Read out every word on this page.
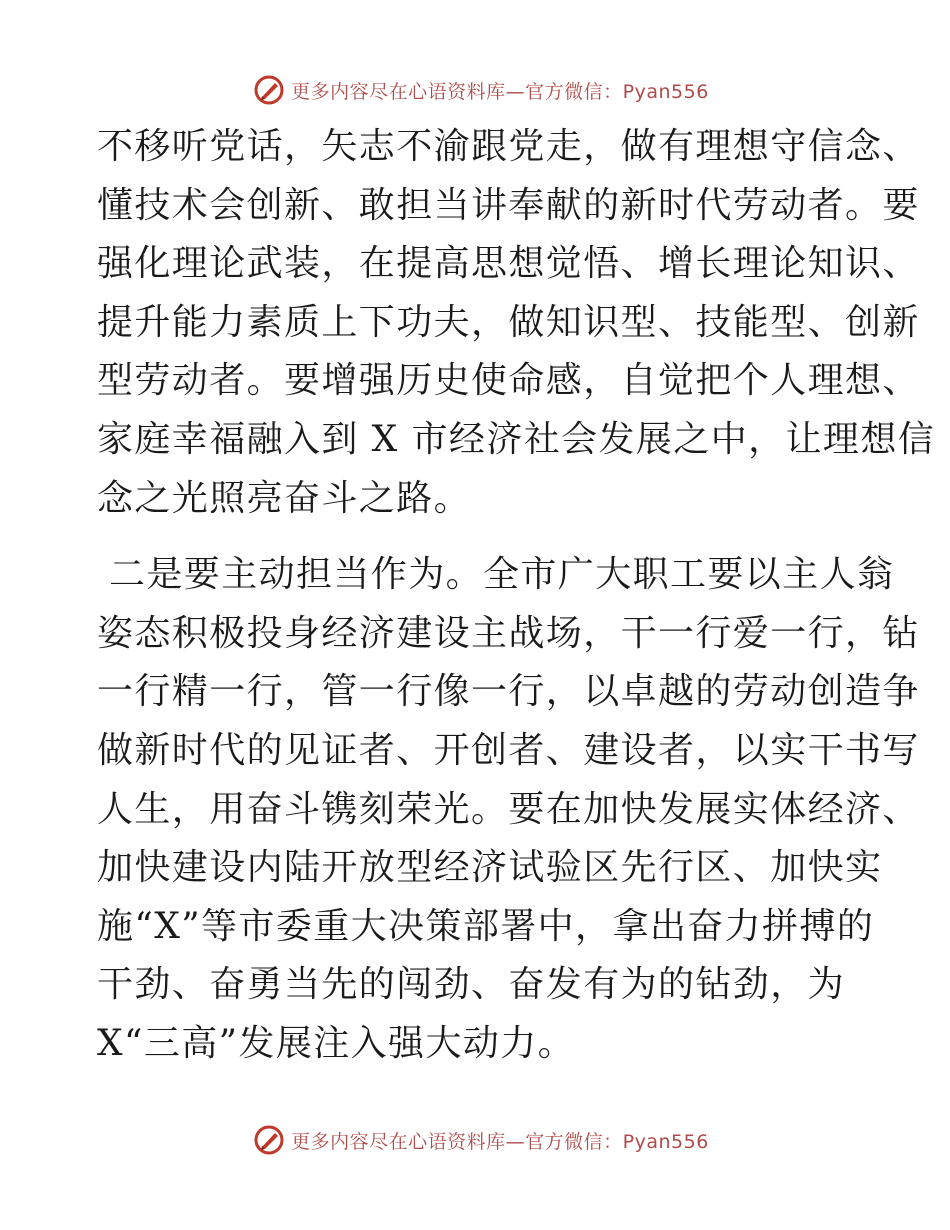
更多内容尽在心语资料库—官方微信：Pyan556
不移听党话，矢志不渝跟党走，做有理想守信念、
懂技术会创新、敢担当讲奉献的新时代劳动者。要
强化理论武装，在提高思想觉悟、增长理论知识、
提升能力素质上下功夫，做知识型、技能型、创新
型劳动者。要增强历史使命感，自觉把个人理想、
家庭幸福融入到 X 市经济社会发展之中，让理想信
念之光照亮奋斗之路。
二是要主动担当作为。全市广大职工要以主人翁
姿态积极投身经济建设主战场，干一行爱一行，钻
一行精一行，管一行像一行，以卓越的劳动创造争
做新时代的见证者、开创者、建设者，以实干书写
人生，用奋斗镌刻荣光。要在加快发展实体经济、
加快建设内陆开放型经济试验区先行区、加快实
施“X”等市委重大决策部署中，拿出奋力拼搏的
干劲、奋勇当先的闯劲、奋发有为的钻劲，为
X“三高”发展注入强大动力。
更多内容尽在心语资料库—官方微信：Pyan556
